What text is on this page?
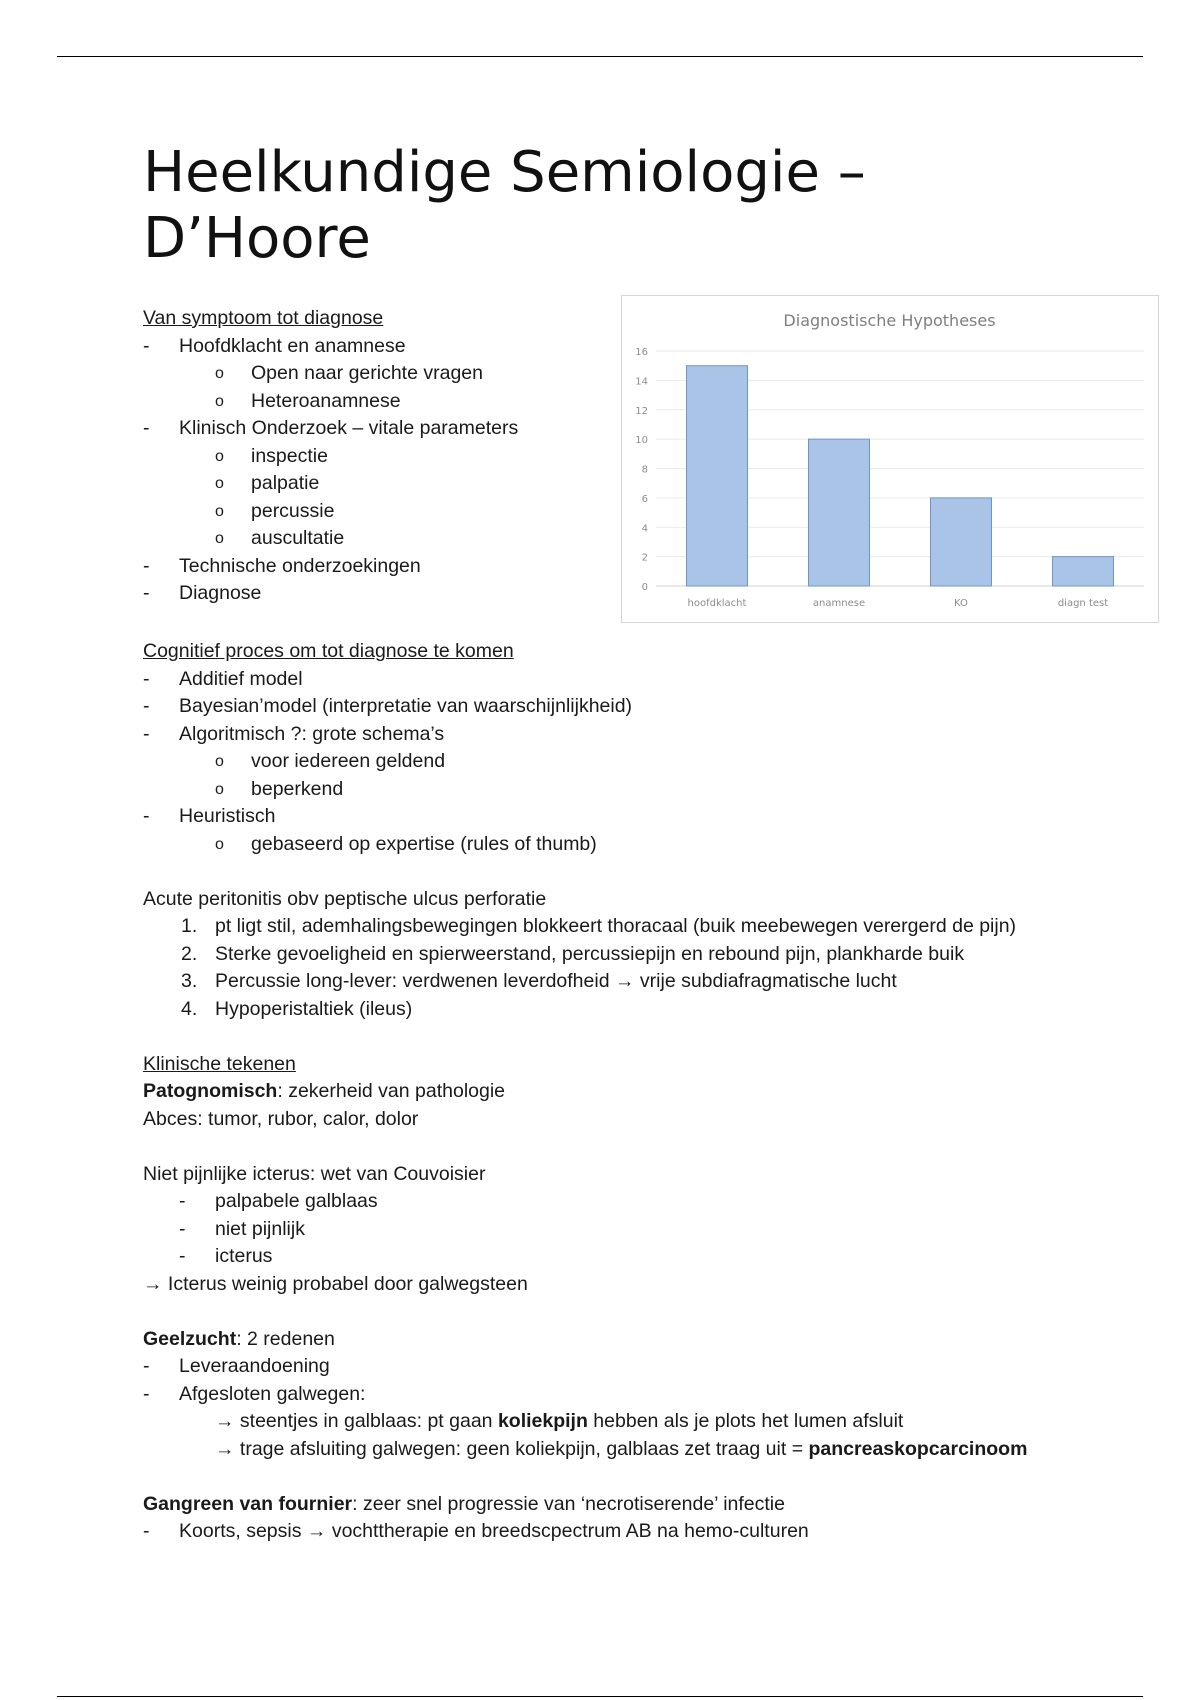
Heelkundige Semiologie –
D’Hoore
Van symptoom tot diagnose
- Hoofdklacht en anamnese
o Open naar gerichte vragen
o Heteroanamnese
- Klinisch Onderzoek – vitale parameters
o inspectie
o palpatie
o percussie
o auscultatie
- Technische onderzoekingen
- Diagnose
Diagnostische Hypotheses
0
2
4
6
8
10
12
14
16
hoofdklacht	anamnese	KO	diagn test
Cognitief proces om tot diagnose te komen
- Additief model
- Bayesian’model (interpretatie van waarschijnlijkheid)
- Algoritmisch ?: grote schema’s
o voor iedereen geldend
o beperkend
- Heuristisch
o gebaseerd op expertise (rules of thumb)
Acute peritonitis obv peptische ulcus perforatie
1. pt ligt stil, ademhalingsbewegingen blokkeert thoracaal (buik meebewegen verergerd de pijn)
2. Sterke gevoeligheid en spierweerstand, percussiepijn en rebound pijn, plankharde buik
3. Percussie long-lever: verdwenen leverdofheid → vrije subdiafragmatische lucht
4. Hypoperistaltiek (ileus)
Klinische tekenen
Patognomisch: zekerheid van pathologie
Abces: tumor, rubor, calor, dolor
Niet pijnlijke icterus: wet van Couvoisier
- palpabele galblaas
- niet pijnlijk
- icterus
→ Icterus weinig probabel door galwegsteen
Geelzucht: 2 redenen
- Leveraandoening
- Afgesloten galwegen:
→ steentjes in galblaas: pt gaan koliekpijn hebben als je plots het lumen afsluit
→ trage afsluiting galwegen: geen koliekpijn, galblaas zet traag uit = pancreaskopcarcinoom
Gangreen van fournier: zeer snel progressie van ‘necrotiserende’ infectie
- Koorts, sepsis → vochttherapie en breedscpectrum AB na hemo-culturen
